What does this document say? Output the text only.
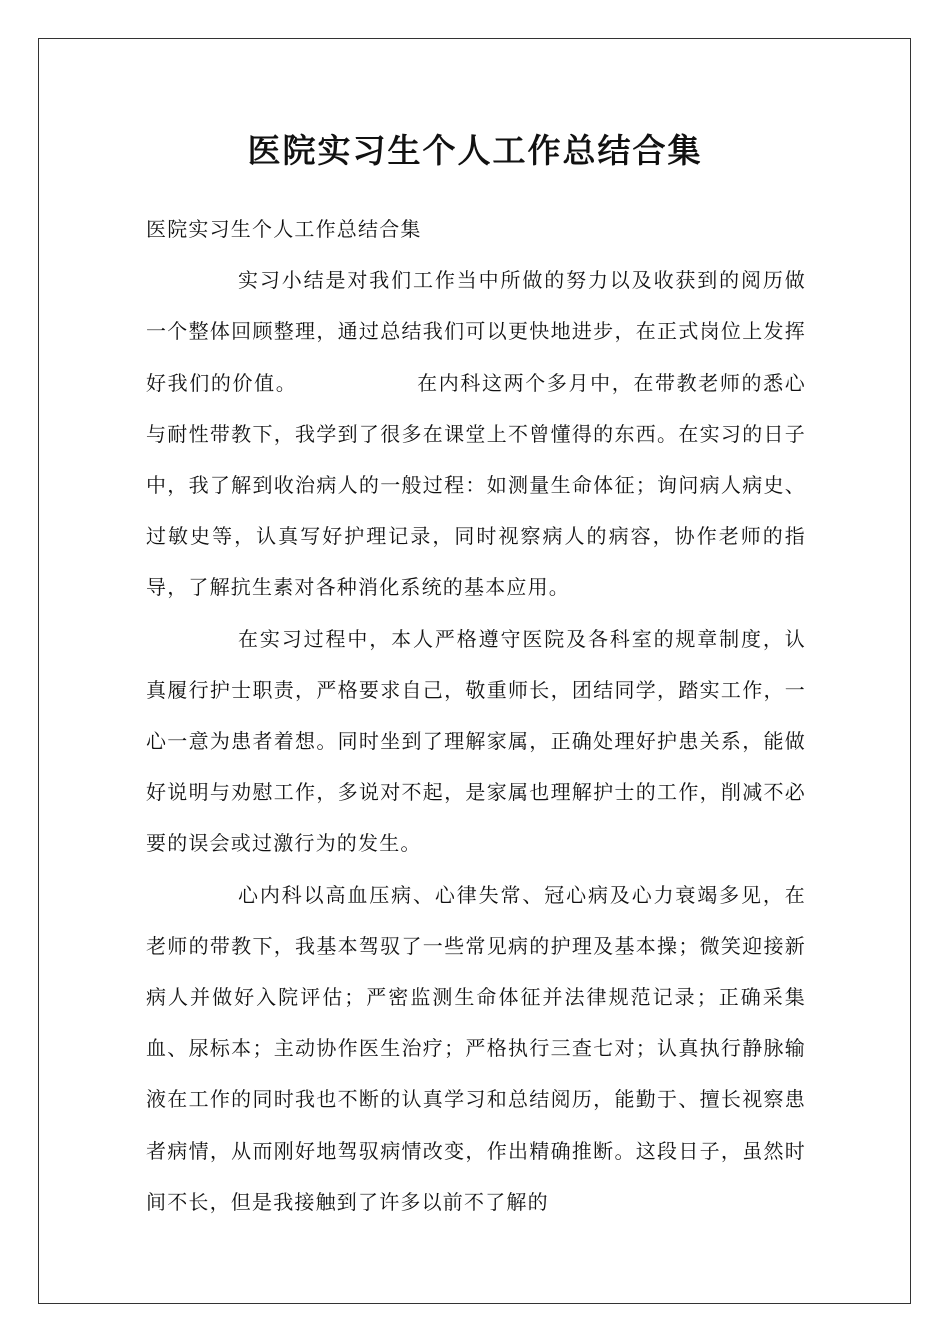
医院实习生个人工作总结合集

医院实习生个人工作总结合集

实习小结是对我们工作当中所做的努力以及收获到的阅历做一个整体回顾整理，通过总结我们可以更快地进步，在正式岗位上发挥好我们的价值。　　　　　　在内科这两个多月中，在带教老师的悉心与耐性带教下，我学到了很多在课堂上不曾懂得的东西。在实习的日子中，我了解到收治病人的一般过程：如测量生命体征；询问病人病史、过敏史等，认真写好护理记录，同时视察病人的病容，协作老师的指导，了解抗生素对各种消化系统的基本应用。

在实习过程中，本人严格遵守医院及各科室的规章制度，认真履行护士职责，严格要求自己，敬重师长，团结同学，踏实工作，一心一意为患者着想。同时坐到了理解家属，正确处理好护患关系，能做好说明与劝慰工作，多说对不起，是家属也理解护士的工作，削减不必要的误会或过激行为的发生。

心内科以高血压病、心律失常、冠心病及心力衰竭多见，在老师的带教下，我基本驾驭了一些常见病的护理及基本操；微笑迎接新病人并做好入院评估；严密监测生命体征并法律规范记录；正确采集血、尿标本；主动协作医生治疗；严格执行三查七对；认真执行静脉输液在工作的同时我也不断的认真学习和总结阅历，能勤于、擅长视察患者病情，从而刚好地驾驭病情改变，作出精确推断。这段日子，虽然时间不长，但是我接触到了许多以前不了解的
